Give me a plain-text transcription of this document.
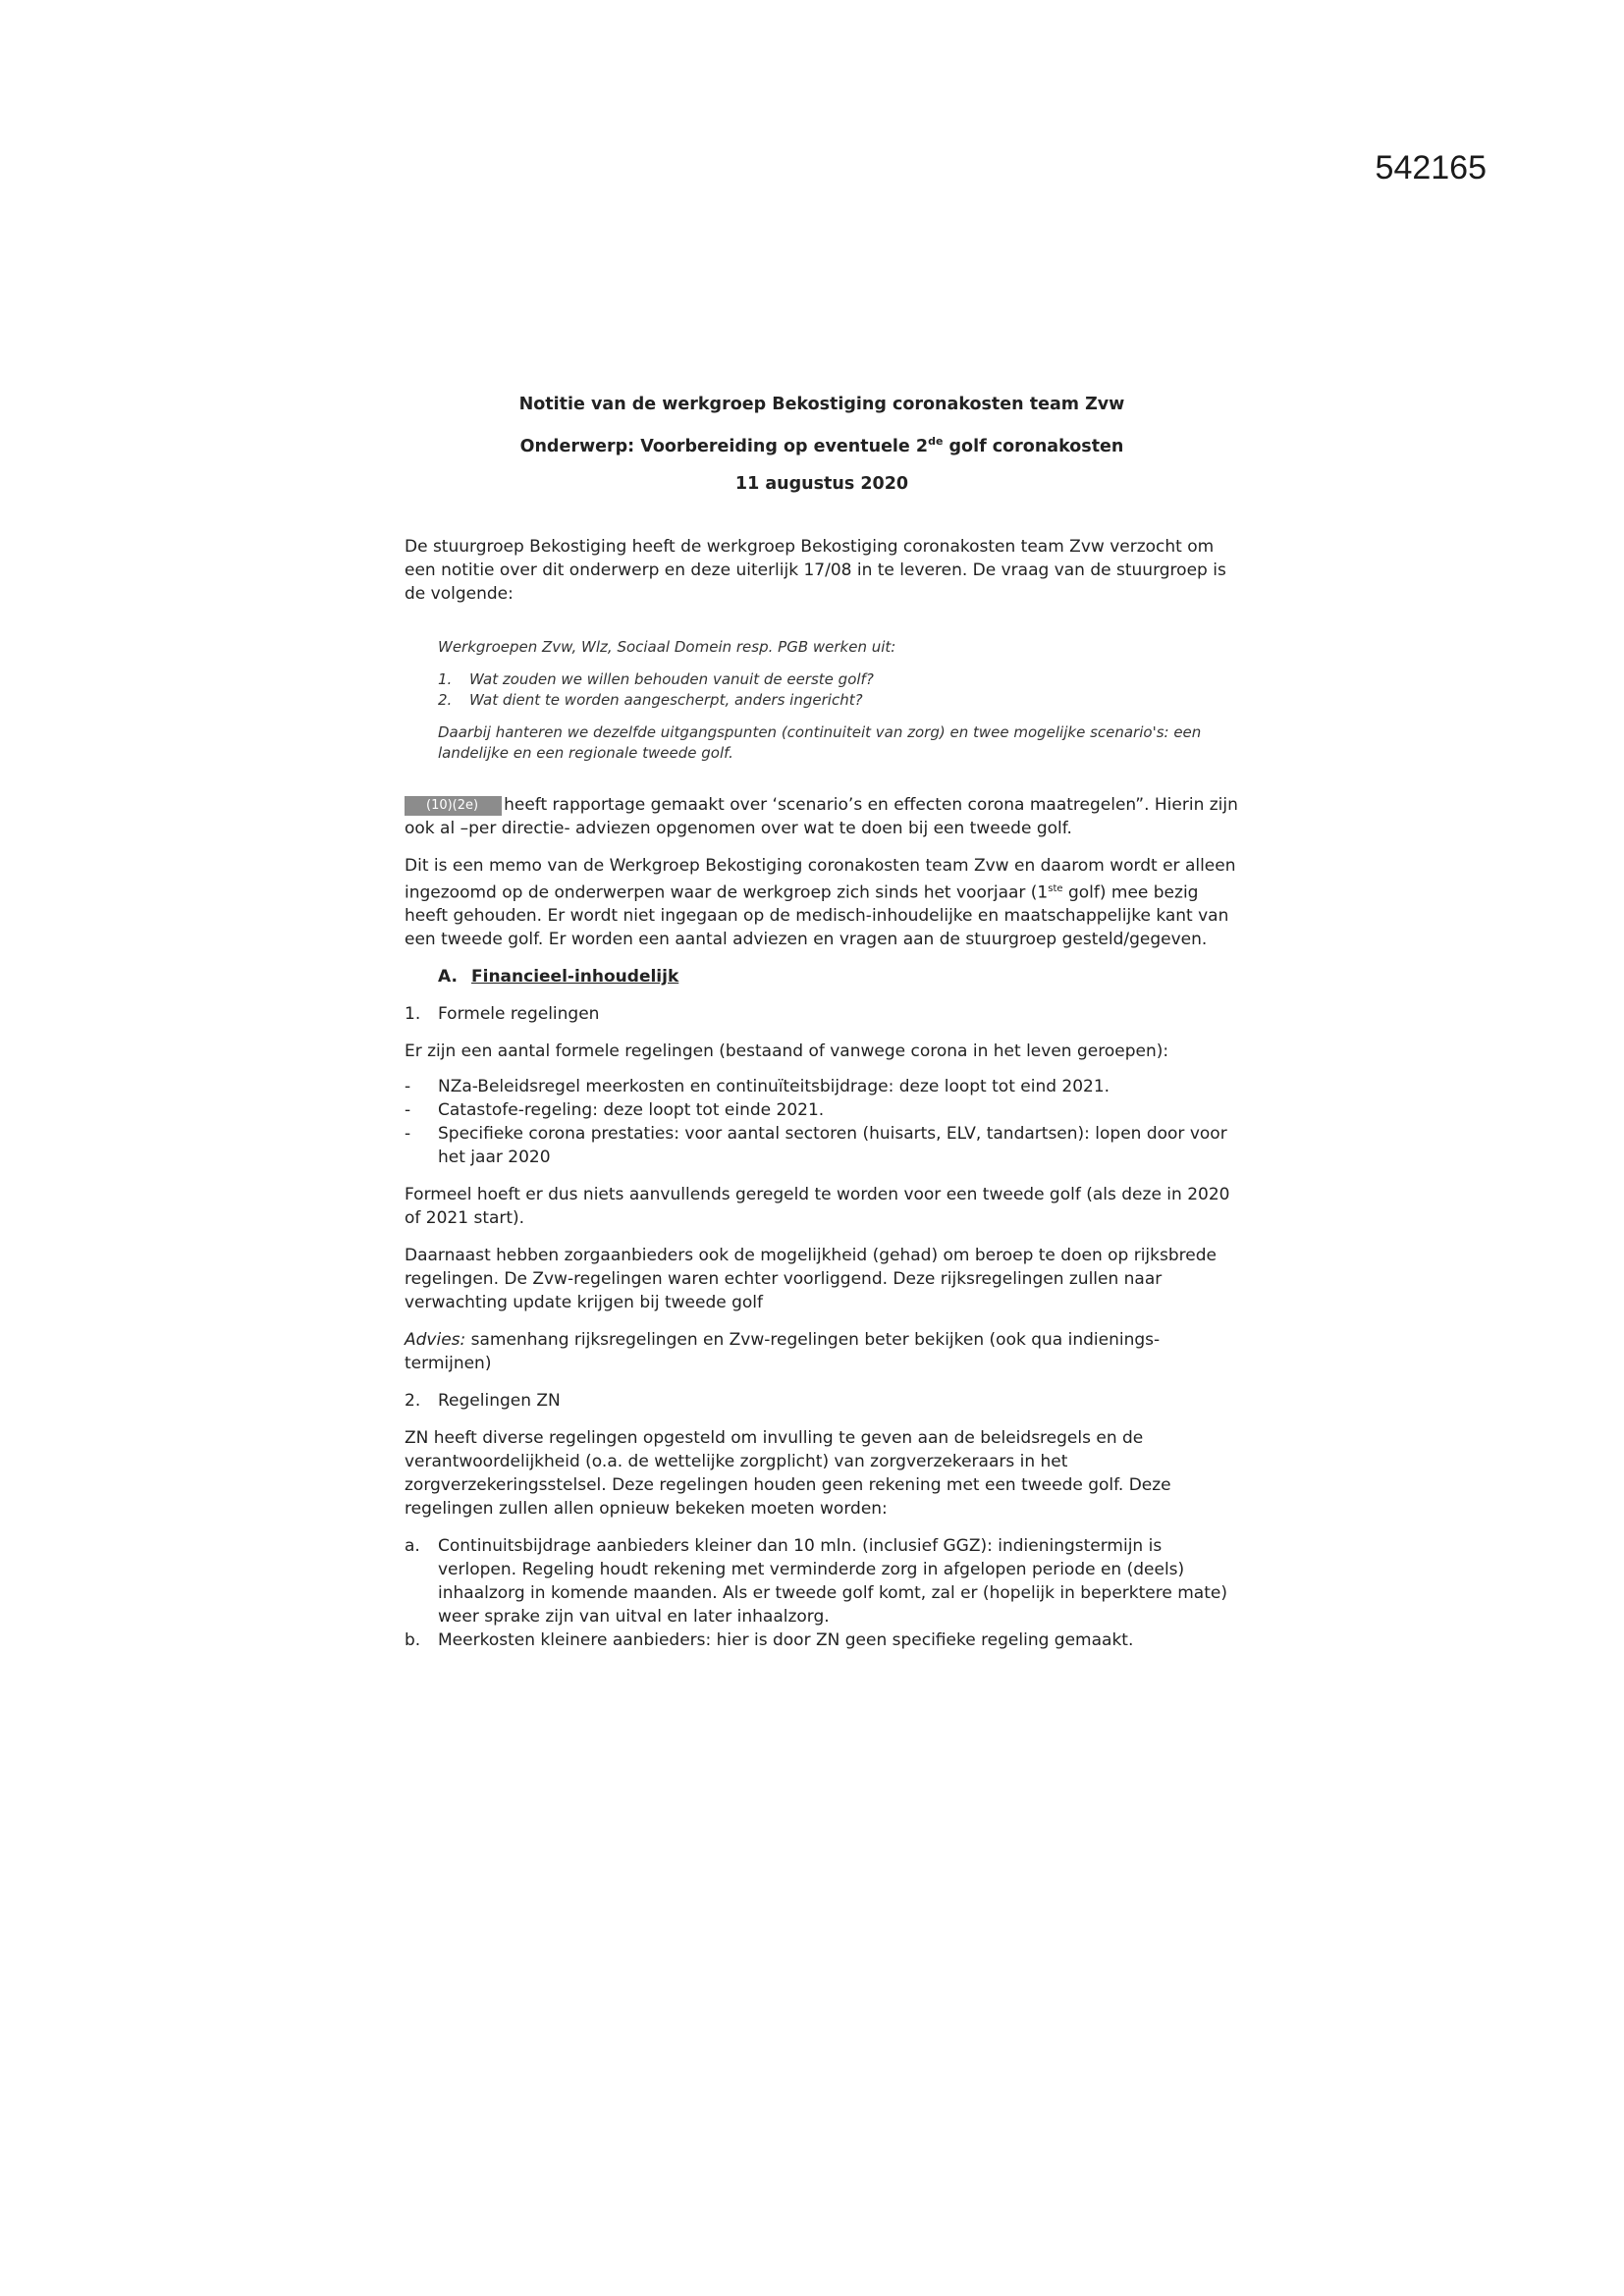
542165
Notitie van de werkgroep Bekostiging coronakosten team Zvw
Onderwerp: Voorbereiding op eventuele 2de golf coronakosten
11 augustus 2020

De stuurgroep Bekostiging heeft de werkgroep Bekostiging coronakosten team Zvw verzocht om een notitie over dit onderwerp en deze uiterlijk 17/08 in te leveren. De vraag van de stuurgroep is de volgende:

Werkgroepen Zvw, Wlz, Sociaal Domein resp. PGB werken uit:

1.	Wat zouden we willen behouden vanuit de eerste golf?
2.	Wat dient te worden aangescherpt, anders ingericht?

Daarbij hanteren we dezelfde uitgangspunten (continuiteit van zorg) en twee mogelijke scenario's: een landelijke en een regionale tweede golf.

(10)(2e) heeft rapportage gemaakt over ‘scenario’s en effecten corona maatregelen”. Hierin zijn ook al –per directie- adviezen opgenomen over wat te doen bij een tweede golf.

Dit is een memo van de Werkgroep Bekostiging coronakosten team Zvw en daarom wordt er alleen ingezoomd op de onderwerpen waar de werkgroep zich sinds het voorjaar (1ste golf) mee bezig heeft gehouden. Er wordt niet ingegaan op de medisch-inhoudelijke en maatschappelijke kant van een tweede golf. Er worden een aantal adviezen en vragen aan de stuurgroep gesteld/gegeven.

A. Financieel-inhoudelijk
1.	Formele regelingen

Er zijn een aantal formele regelingen (bestaand of vanwege corona in het leven geroepen):

-	NZa-Beleidsregel meerkosten en continuïteitsbijdrage: deze loopt tot eind 2021.
-	Catastofe-regeling: deze loopt tot einde 2021.
-	Specifieke corona prestaties: voor aantal sectoren (huisarts, ELV, tandartsen): lopen door voor het jaar 2020

Formeel hoeft er dus niets aanvullends geregeld te worden voor een tweede golf (als deze in 2020 of 2021 start).

Daarnaast hebben zorgaanbieders ook de mogelijkheid (gehad) om beroep te doen op rijksbrede regelingen. De Zvw-regelingen waren echter voorliggend. Deze rijksregelingen zullen naar verwachting update krijgen bij tweede golf

Advies: samenhang rijksregelingen en Zvw-regelingen beter bekijken (ook qua indienings-termijnen)

2.	Regelingen ZN

ZN heeft diverse regelingen opgesteld om invulling te geven aan de beleidsregels en de verantwoordelijkheid (o.a. de wettelijke zorgplicht) van zorgverzekeraars in het zorgverzekeringsstelsel. Deze regelingen houden geen rekening met een tweede golf. Deze regelingen zullen allen opnieuw bekeken moeten worden:

a.	Continuitsbijdrage aanbieders kleiner dan 10 mln. (inclusief GGZ): indieningstermijn is verlopen. Regeling houdt rekening met verminderde zorg in afgelopen periode en (deels) inhaalzorg in komende maanden. Als er tweede golf komt, zal er (hopelijk in beperktere mate) weer sprake zijn van uitval en later inhaalzorg.
b.	Meerkosten kleinere aanbieders: hier is door ZN geen specifieke regeling gemaakt.
